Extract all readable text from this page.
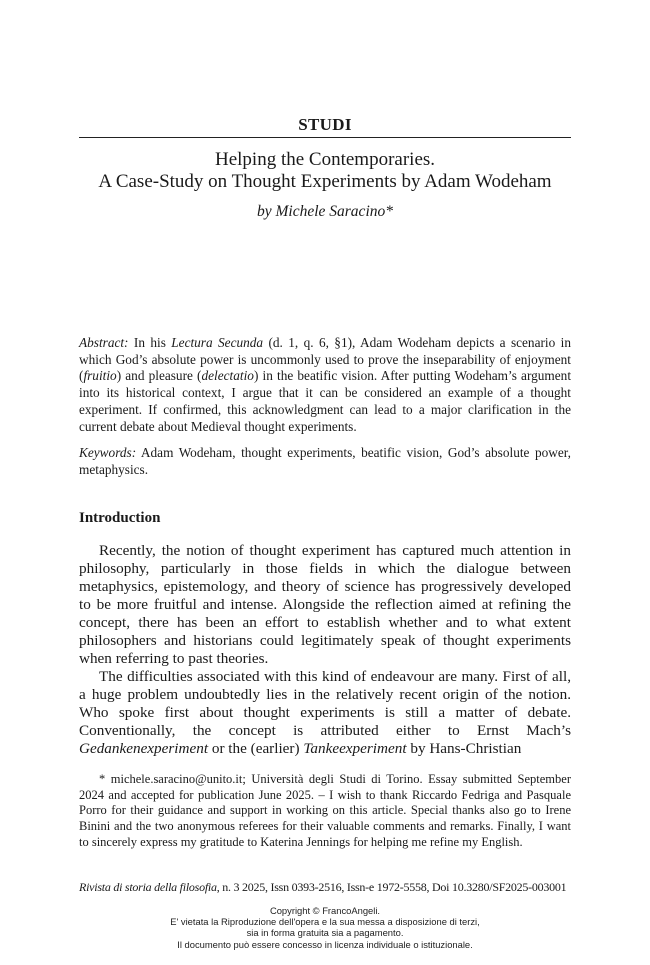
STUDI
Helping the Contemporaries.
A Case-Study on Thought Experiments by Adam Wodeham
by Michele Saracino*

Abstract: In his Lectura Secunda (d. 1, q. 6, §1), Adam Wodeham depicts a scenario in which God’s absolute power is uncommonly used to prove the inseparability of enjoyment (fruitio) and pleasure (delectatio) in the beatific vision. After putting Wodeham’s argument into its historical context, I argue that it can be considered an example of a thought experiment. If confirmed, this acknowledgment can lead to a major clarification in the current debate about Medieval thought experiments.

Keywords: Adam Wodeham, thought experiments, beatific vision, God’s absolute power, metaphysics.

Introduction

Recently, the notion of thought experiment has captured much attention in philosophy, particularly in those fields in which the dialogue between metaphysics, epistemology, and theory of science has progressively developed to be more fruitful and intense. Alongside the reflection aimed at refining the concept, there has been an effort to establish whether and to what extent philosophers and historians could legitimately speak of thought experiments when referring to past theories.

The difficulties associated with this kind of endeavour are many. First of all, a huge problem undoubtedly lies in the relatively recent origin of the notion. Who spoke first about thought experiments is still a matter of debate. Conventionally, the concept is attributed either to Ernst Mach’s Gedankenexperiment or the (earlier) Tankeexperiment by Hans-Christian

* michele.saracino@unito.it; Università degli Studi di Torino. Essay submitted September 2024 and accepted for publication June 2025. – I wish to thank Riccardo Fedriga and Pasquale Porro for their guidance and support in working on this article. Special thanks also go to Irene Binini and the two anonymous referees for their valuable comments and remarks. Finally, I want to sincerely express my gratitude to Katerina Jennings for helping me refine my English.

Rivista di storia della filosofia, n. 3 2025, Issn 0393-2516, Issn-e 1972-5558, Doi 10.3280/SF2025-003001
Copyright © FrancoAngeli.
E' vietata la Riproduzione dell'opera e la sua messa a disposizione di terzi,
sia in forma gratuita sia a pagamento.
Il documento può essere concesso in licenza individuale o istituzionale.
